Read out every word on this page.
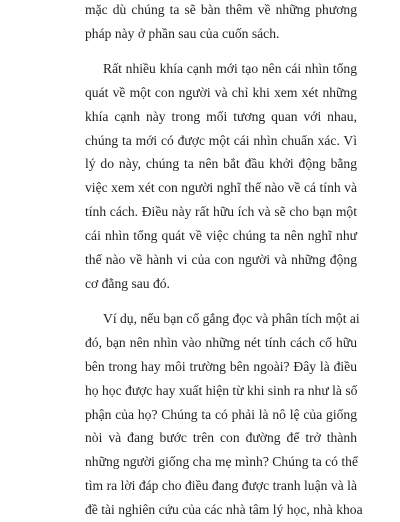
mặc dù chúng ta sẽ bàn thêm về những phương
pháp này ở phần sau của cuốn sách.

Rất nhiều khía cạnh mới tạo nên cái nhìn tổng
quát về một con người và chỉ khi xem xét những
khía cạnh này trong mối tương quan với nhau,
chúng ta mới có được một cái nhìn chuẩn xác. Vì
lý do này, chúng ta nên bắt đầu khởi động bằng
việc xem xét con người nghĩ thế nào về cá tính và
tính cách. Điều này rất hữu ích và sẽ cho bạn một
cái nhìn tổng quát về việc chúng ta nên nghĩ như
thế nào về hành vi của con người và những động
cơ đằng sau đó.

Ví dụ, nếu bạn cố gắng đọc và phân tích một ai
đó, bạn nên nhìn vào những nét tính cách cố hữu
bên trong hay môi trường bên ngoài? Đây là điều
họ học được hay xuất hiện từ khi sinh ra như là số
phận của họ? Chúng ta có phải là nô lệ của giống
nòi và đang bước trên con đường để trở thành
những người giống cha mẹ mình? Chúng ta có thể
tìm ra lời đáp cho điều đang được tranh luận và là
đề tài nghiên cứu của các nhà tâm lý học, nhà khoa
